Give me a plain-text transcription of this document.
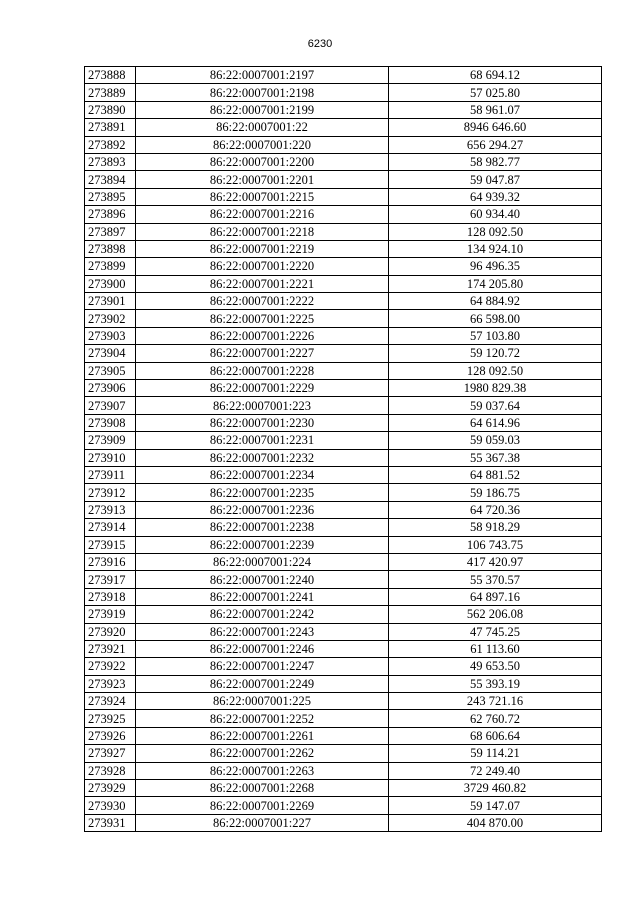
6230
273888	86:22:0007001:2197	68 694.12
273889	86:22:0007001:2198	57 025.80
273890	86:22:0007001:2199	58 961.07
273891	86:22:0007001:22	8946 646.60
273892	86:22:0007001:220	656 294.27
273893	86:22:0007001:2200	58 982.77
273894	86:22:0007001:2201	59 047.87
273895	86:22:0007001:2215	64 939.32
273896	86:22:0007001:2216	60 934.40
273897	86:22:0007001:2218	128 092.50
273898	86:22:0007001:2219	134 924.10
273899	86:22:0007001:2220	96 496.35
273900	86:22:0007001:2221	174 205.80
273901	86:22:0007001:2222	64 884.92
273902	86:22:0007001:2225	66 598.00
273903	86:22:0007001:2226	57 103.80
273904	86:22:0007001:2227	59 120.72
273905	86:22:0007001:2228	128 092.50
273906	86:22:0007001:2229	1980 829.38
273907	86:22:0007001:223	59 037.64
273908	86:22:0007001:2230	64 614.96
273909	86:22:0007001:2231	59 059.03
273910	86:22:0007001:2232	55 367.38
273911	86:22:0007001:2234	64 881.52
273912	86:22:0007001:2235	59 186.75
273913	86:22:0007001:2236	64 720.36
273914	86:22:0007001:2238	58 918.29
273915	86:22:0007001:2239	106 743.75
273916	86:22:0007001:224	417 420.97
273917	86:22:0007001:2240	55 370.57
273918	86:22:0007001:2241	64 897.16
273919	86:22:0007001:2242	562 206.08
273920	86:22:0007001:2243	47 745.25
273921	86:22:0007001:2246	61 113.60
273922	86:22:0007001:2247	49 653.50
273923	86:22:0007001:2249	55 393.19
273924	86:22:0007001:225	243 721.16
273925	86:22:0007001:2252	62 760.72
273926	86:22:0007001:2261	68 606.64
273927	86:22:0007001:2262	59 114.21
273928	86:22:0007001:2263	72 249.40
273929	86:22:0007001:2268	3729 460.82
273930	86:22:0007001:2269	59 147.07
273931	86:22:0007001:227	404 870.00
